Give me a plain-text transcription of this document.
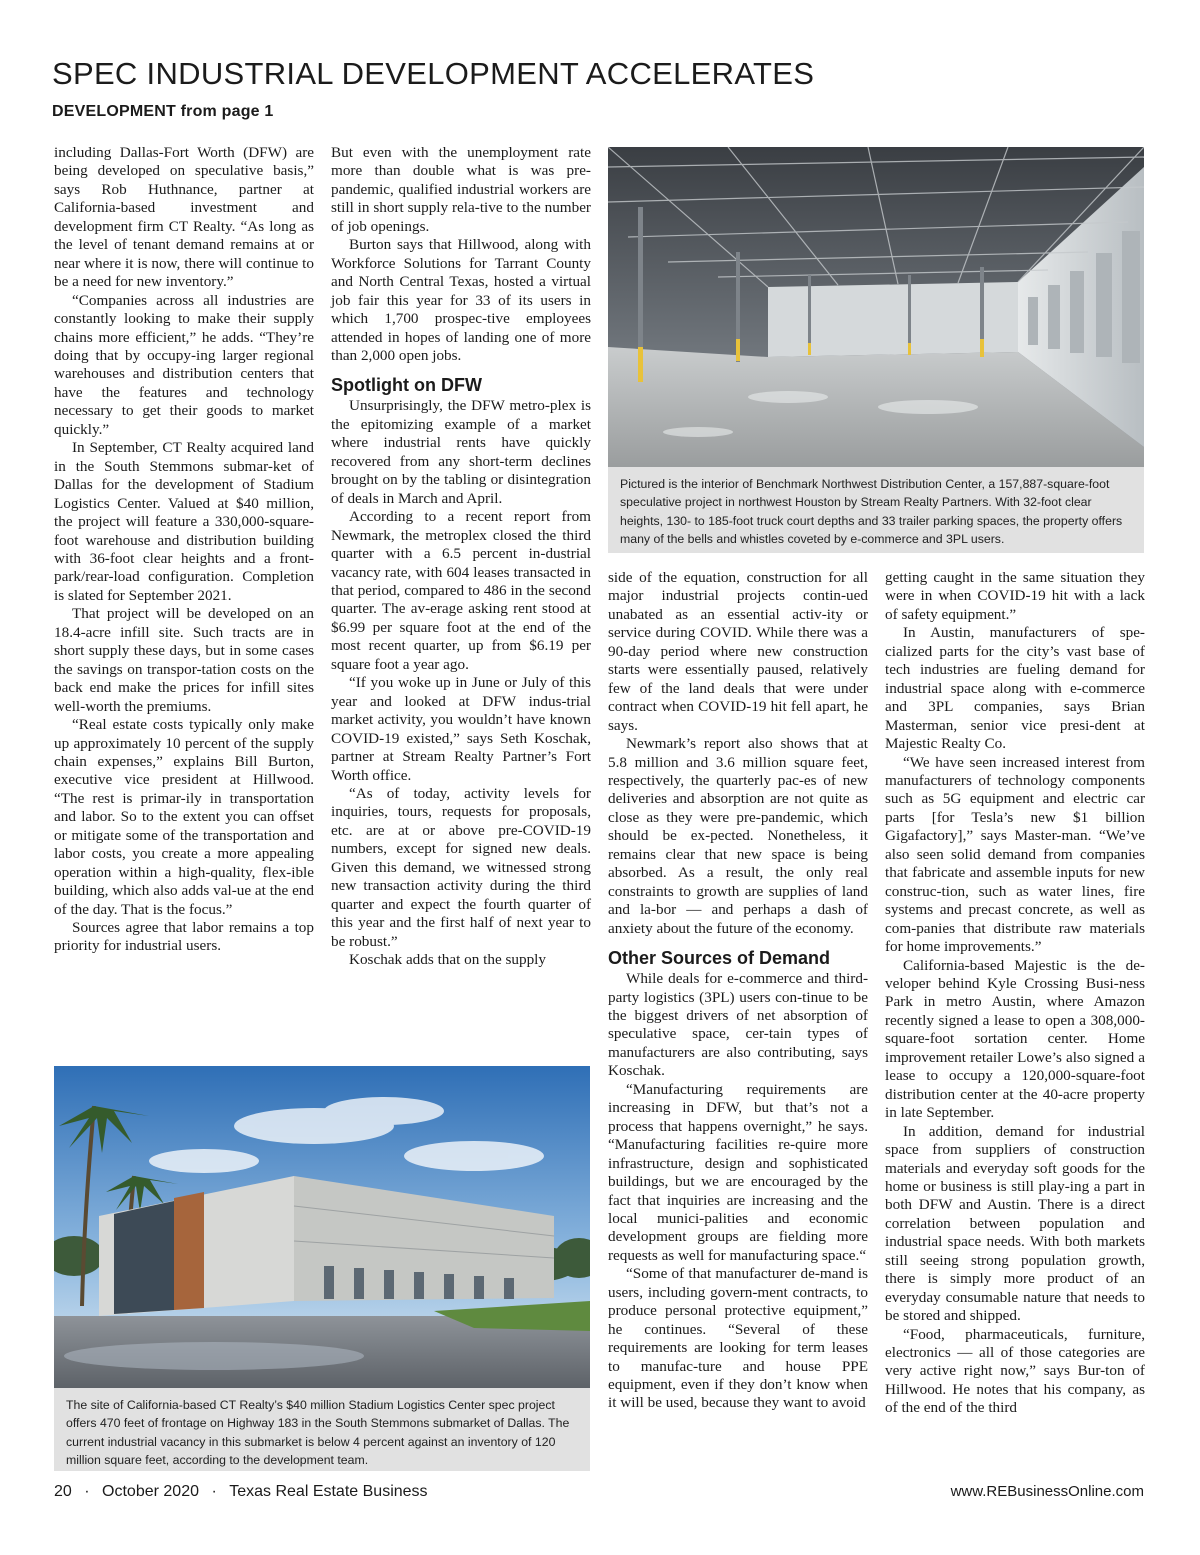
SPEC INDUSTRIAL DEVELOPMENT ACCELERATES
DEVELOPMENT from page 1

including Dallas-Fort Worth (DFW) are being developed on speculative basis,” says Rob Huthnance, partner at California-based investment and development firm CT Realty. “As long as the level of tenant demand remains at or near where it is now, there will continue to be a need for new inventory.”

“Companies across all industries are constantly looking to make their supply chains more efficient,” he adds. “They’re doing that by occupy-ing larger regional warehouses and distribution centers that have the features and technology necessary to get their goods to market quickly.”

In September, CT Realty acquired land in the South Stemmons submar-ket of Dallas for the development of Stadium Logistics Center. Valued at $40 million, the project will feature a 330,000-square-foot warehouse and distribution building with 36-foot clear heights and a front-park/rear-load configuration. Completion is slated for September 2021.

That project will be developed on an 18.4-acre infill site. Such tracts are in short supply these days, but in some cases the savings on transpor-tation costs on the back end make the prices for infill sites well-worth the premiums.

“Real estate costs typically only make up approximately 10 percent of the supply chain expenses,” explains Bill Burton, executive vice president at Hillwood. “The rest is primar-ily in transportation and labor. So to the extent you can offset or mitigate some of the transportation and labor costs, you create a more appealing operation within a high-quality, flex-ible building, which also adds val-ue at the end of the day. That is the focus.”

Sources agree that labor remains a top priority for industrial users.

But even with the unemployment rate more than double what is was pre-pandemic, qualified industrial workers are still in short supply rela-tive to the number of job openings.

Burton says that Hillwood, along with Workforce Solutions for Tarrant County and North Central Texas, hosted a virtual job fair this year for 33 of its users in which 1,700 prospec-tive employees attended in hopes of landing one of more than 2,000 open jobs.

Spotlight on DFW

Unsurprisingly, the DFW metro-plex is the epitomizing example of a market where industrial rents have quickly recovered from any short-term declines brought on by the tabling or disintegration of deals in March and April.

According to a recent report from Newmark, the metroplex closed the third quarter with a 6.5 percent in-dustrial vacancy rate, with 604 leases transacted in that period, compared to 486 in the second quarter. The av-erage asking rent stood at $6.99 per square foot at the end of the most recent quarter, up from $6.19 per square foot a year ago.

“If you woke up in June or July of this year and looked at DFW indus-trial market activity, you wouldn’t have known COVID-19 existed,” says Seth Koschak, partner at Stream Realty Partner’s Fort Worth office.

“As of today, activity levels for inquiries, tours, requests for proposals, etc. are at or above pre-COVID-19 numbers, except for signed new deals. Given this demand, we witnessed strong new transaction activity during the third quarter and expect the fourth quarter of this year and the first half of next year to be robust.”

Koschak adds that on the supply

Pictured is the interior of Benchmark Northwest Distribution Center, a 157,887-square-foot speculative project in northwest Houston by Stream Realty Partners. With 32-foot clear heights, 130- to 185-foot truck court depths and 33 trailer parking spaces, the property offers many of the bells and whistles coveted by e-commerce and 3PL users.

side of the equation, construction for all major industrial projects contin-ued unabated as an essential activ-ity or service during COVID. While there was a 90-day period where new construction starts were essentially paused, relatively few of the land deals that were under contract when COVID-19 hit fell apart, he says.

Newmark’s report also shows that at 5.8 million and 3.6 million square feet, respectively, the quarterly pac-es of new deliveries and absorption are not quite as close as they were pre-pandemic, which should be ex-pected. Nonetheless, it remains clear that new space is being absorbed. As a result, the only real constraints to growth are supplies of land and la-bor — and perhaps a dash of anxiety about the future of the economy.

Other Sources of Demand

While deals for e-commerce and third-party logistics (3PL) users con-tinue to be the biggest drivers of net absorption of speculative space, cer-tain types of manufacturers are also contributing, says Koschak.

“Manufacturing requirements are increasing in DFW, but that’s not a process that happens overnight,” he says. “Manufacturing facilities re-quire more infrastructure, design and sophisticated buildings, but we are encouraged by the fact that inquiries are increasing and the local munici-palities and economic development groups are fielding more requests as well for manufacturing space.“

“Some of that manufacturer de-mand is users, including govern-ment contracts, to produce personal protective equipment,” he continues. “Several of these requirements are looking for term leases to manufac-ture and house PPE equipment, even if they don’t know when it will be used, because they want to avoid

getting caught in the same situation they were in when COVID-19 hit with a lack of safety equipment.”

In Austin, manufacturers of spe-cialized parts for the city’s vast base of tech industries are fueling demand for industrial space along with e-commerce and 3PL companies, says Brian Masterman, senior vice presi-dent at Majestic Realty Co.

“We have seen increased interest from manufacturers of technology components such as 5G equipment and electric car parts [for Tesla’s new $1 billion Gigafactory],” says Master-man. “We’ve also seen solid demand from companies that fabricate and assemble inputs for new construc-tion, such as water lines, fire systems and precast concrete, as well as com-panies that distribute raw materials for home improvements.”

California-based Majestic is the de-veloper behind Kyle Crossing Busi-ness Park in metro Austin, where Amazon recently signed a lease to open a 308,000-square-foot sortation center. Home improvement retailer Lowe’s also signed a lease to occupy a 120,000-square-foot distribution center at the 40-acre property in late September.

In addition, demand for industrial space from suppliers of construction materials and everyday soft goods for the home or business is still play-ing a part in both DFW and Austin. There is a direct correlation between population and industrial space needs. With both markets still seeing strong population growth, there is simply more product of an everyday consumable nature that needs to be stored and shipped.

“Food, pharmaceuticals, furniture, electronics — all of those categories are very active right now,” says Bur-ton of Hillwood. He notes that his company, as of the end of the third

The site of California-based CT Realty’s $40 million Stadium Logistics Center spec project offers 470 feet of frontage on Highway 183 in the South Stemmons submarket of Dallas. The current industrial vacancy in this submarket is below 4 percent against an inventory of 120 million square feet, according to the development team.
20 · October 2020 · Texas Real Estate Business	www.REBusinessOnline.com
